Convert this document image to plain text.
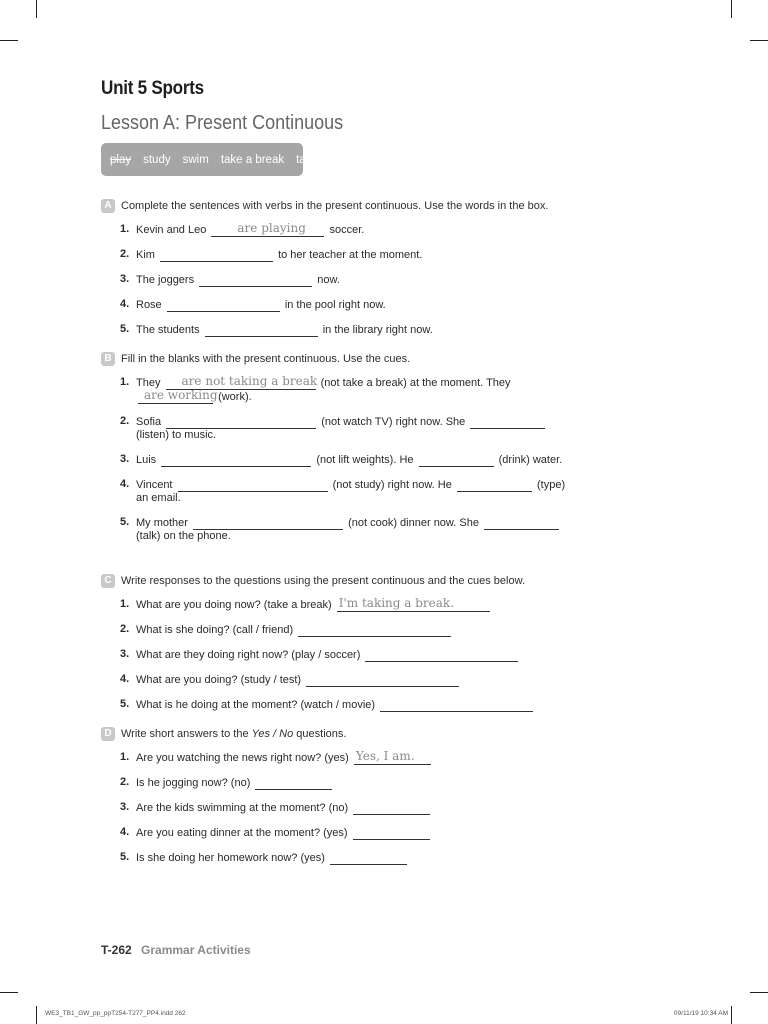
Unit 5 Sports
Lesson A: Present Continuous
play study swim take a break talk
A Complete the sentences with verbs in the present continuous. Use the words in the box.
1. Kevin and Leo	are playing soccer.
2. Kim	to her teacher at the moment.
3. The joggers	now.
4. Rose	in the pool right now.
5. The students	in the library right now.
B Fill in the blanks with the present continuous. Use the cues.
1. They are not taking a break (not take a break) at the moment. They
are working (work).
2. Sofia	(not watch TV) right now. She
(listen) to music.
3. Luis	(not lift weights). He	(drink) water.
4. Vincent	(not study) right now. He	(type) an email.
5. My mother	(not cook) dinner now. She
(talk) on the phone.
C Write responses to the questions using the present continuous and the cues below.
1. What are you doing now? (take a break) I'm taking a break.
2. What is she doing? (call / friend)
3. What are they doing right now? (play / soccer)
4. What are you doing? (study / test)
5. What is he doing at the moment? (watch / movie)
D Write short answers to the Yes / No questions.
1. Are you watching the news right now? (yes) Yes, I am.
2. Is he jogging now? (no)
3. Are the kids swimming at the moment? (no)
4. Are you eating dinner at the moment? (yes)
5. Is she doing her homework now? (yes)
T-262 Grammar Activities
WE3_TB1_GW_pp_ppT254-T277_PP4.indd 262	09/11/19 10:34 AM
